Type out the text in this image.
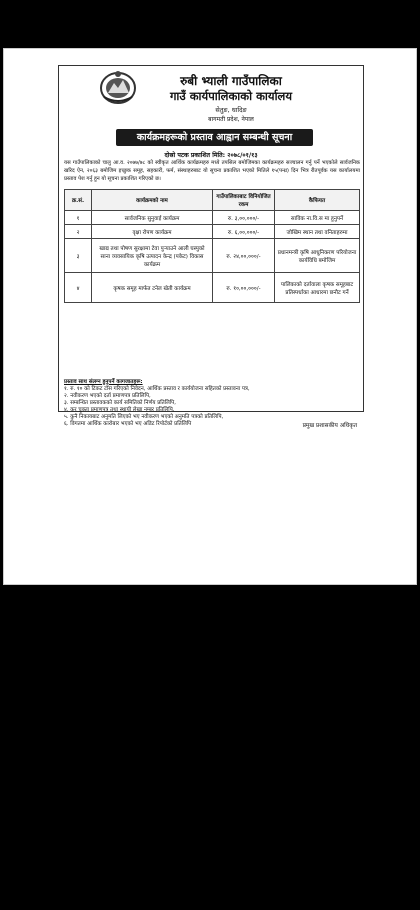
रुबी भ्याली गाउँपालिका
गाउँ कार्यपालिकाको कार्यालय
सेतुङ, धादिङ
बागमती प्रदेश, नेपाल
कार्यक्रमहरूको प्रस्ताव आह्वान सम्बन्धी सूचना
दोस्रो पटक प्रकाशित मिति: २०७८/०१/१३
यस गाउँपालिकाको चालु आ.व. २०७७/७८ को स्वीकृत आर्थिक कार्यक्रमहरु मध्ये तपसिल बमोजिमका कार्यक्रमहरु सञ्चालन गर्नु पर्ने भएकोले सार्वजनिक खरिद ऐन, २०६३ बमोजिम इच्छुक समूह, सहकारी, फर्म, संस्थाहरुबाट यो सूचना प्रकाशित भएको मितिले १५(पन्ध्र) दिन भित्र रीतपूर्वक यस कार्यालयमा प्रस्ताव पेश गर्नु हुन यो सूचना प्रकाशित गरिएको छ।
क्र.सं.	कार्यक्रमको नाम	गाउँपालिकाबाट विनियोजित रकम	कैफियत
१	सार्वजनिक सुनुवाई कार्यक्रम	रु. ३,००,०००/-	साविक ना.वि.स मा हुनुपर्ने
२	वृक्षा रोपण कार्यक्रम	रु. ६,००,०००/-	जोखिम स्थान तथा वनिताहरुमा
३	खाद्य तथा पोषण सुरक्षामा टेवा पुर्‍याउने आली घस्पुको साना व्यवसायिक कृषि उत्पादन केन्द्र (पकेट) विकास कार्यक्रम	रु. २४,००,०००/-	प्रधानमन्त्री कृषि आधुनिकरण परियोजना कार्यविधि बमोजिम
४	कृषक समूह मार्फत टनेल खेती कार्यक्रम	रु. १०,००,०००/-	पालिकाको दर्तावाला कृषक समूहबाट प्रतिस्पर्धाका आधारमा छनौट गर्ने
प्रस्ताव साथ संलग्न हुनुपर्ने कागजातहरू:
१. रु. १० को टिकट टाँस गरिएको निवेदन, आर्थिक प्रस्ताव र कार्ययोजना सहितको प्रस्तावना पत्र,
२. नवीकरण भएको दर्ता प्रमाणपत्र प्रतिलिपि,
३. सम्बन्धित प्रस्तावकको कार्य समितिको निर्णय प्रतिलिपि,
४. कर चुक्ता प्रमाणपत्र तथा स्थायी लेखा नम्बर प्रतिलिपि,
५. कुनै निकायबाट अनुमति लिएको भए नवीकरण भएको अनुमति पत्रको प्रतिलिपि,
६. विगतमा आर्थिक कारोबार भएको भए अडिट रिपोर्टको प्रतिलिपि	प्रमुख प्रशासकीय अधिकृत
